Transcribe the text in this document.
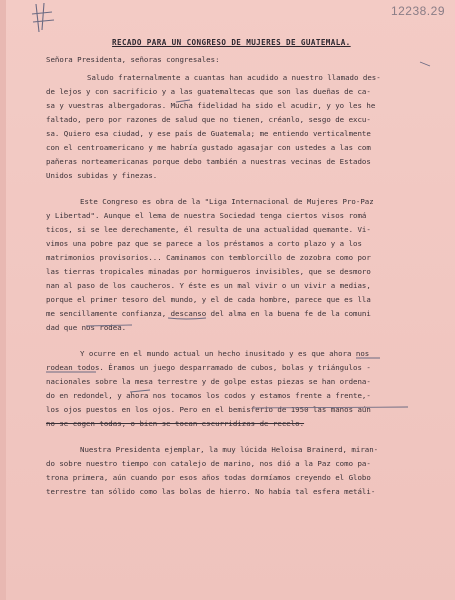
12238.29
RECADO PARA UN CONGRESO DE MUJERES DE GUATEMALA.
Señora Presidenta, señoras congresales:
Saludo fraternalmente a cuantas han acudido a nuestro llamado des-
de lejos y con sacrificio y a las guatemaltecas que son las dueñas de ca-
sa y vuestras albergadoras. Mucha fidelidad ha sido el acudir, y yo les he
faltado, pero por razones de salud que no tienen, créanlo, sesgo de excu-
sa. Quiero esa ciudad, y ese país de Guatemala; me entiendo verticalmente
con el centroamericano y me habría gustado agasajar con ustedes a las com
pañeras norteamericanas porque debo también a nuestras vecinas de Estados
Unidos subidas y finezas.
Este Congreso es obra de la "Liga Internacional de Mujeres Pro-Paz
y Libertad". Aunque el lema de nuestra Sociedad tenga ciertos visos romá
ticos, si se lee derechamente, él resulta de una actualidad quemante. Vi-
vimos una pobre paz que se parece a los préstamos a corto plazo y a los
matrimonios provisorios... Caminamos con temblorcillo de zozobra como por
las tierras tropicales minadas por hormigueros invisibles, que se desmoro
nan al paso de los caucheros. Y éste es un mal vivir o un vivir a medias,
porque el primer tesoro del mundo, y el de cada hombre, parece que es lla
me sencillamente confianza, descanso del alma en la buena fe de la comuni
dad que nos rodea.
Y ocurre en el mundo actual un hecho inusitado y es que ahora nos
rodean todos. Éramos un juego desparramado de cubos, bolas y triángulos -
nacionales sobre la mesa terrestre y de golpe estas piezas se han ordena-
do en redondel, y ahora nos tocamos los codos y estamos frente a frente,-
los ojos puestos en los ojos. Pero en el bemisferio de 1950 las manos aún
no se cogen todas, o bien se tocan escurridizas de recelo.
Nuestra Presidenta ejemplar, la muy lúcida Heloisa Brainerd, miran-
do sobre nuestro tiempo con catalejo de marino, nos dió a la Paz como pa-
trona primera, aún cuando por esos años todas dormíamos creyendo el Globo
terrestre tan sólido como las bolas de hierro. No había tal esfera metáli-
